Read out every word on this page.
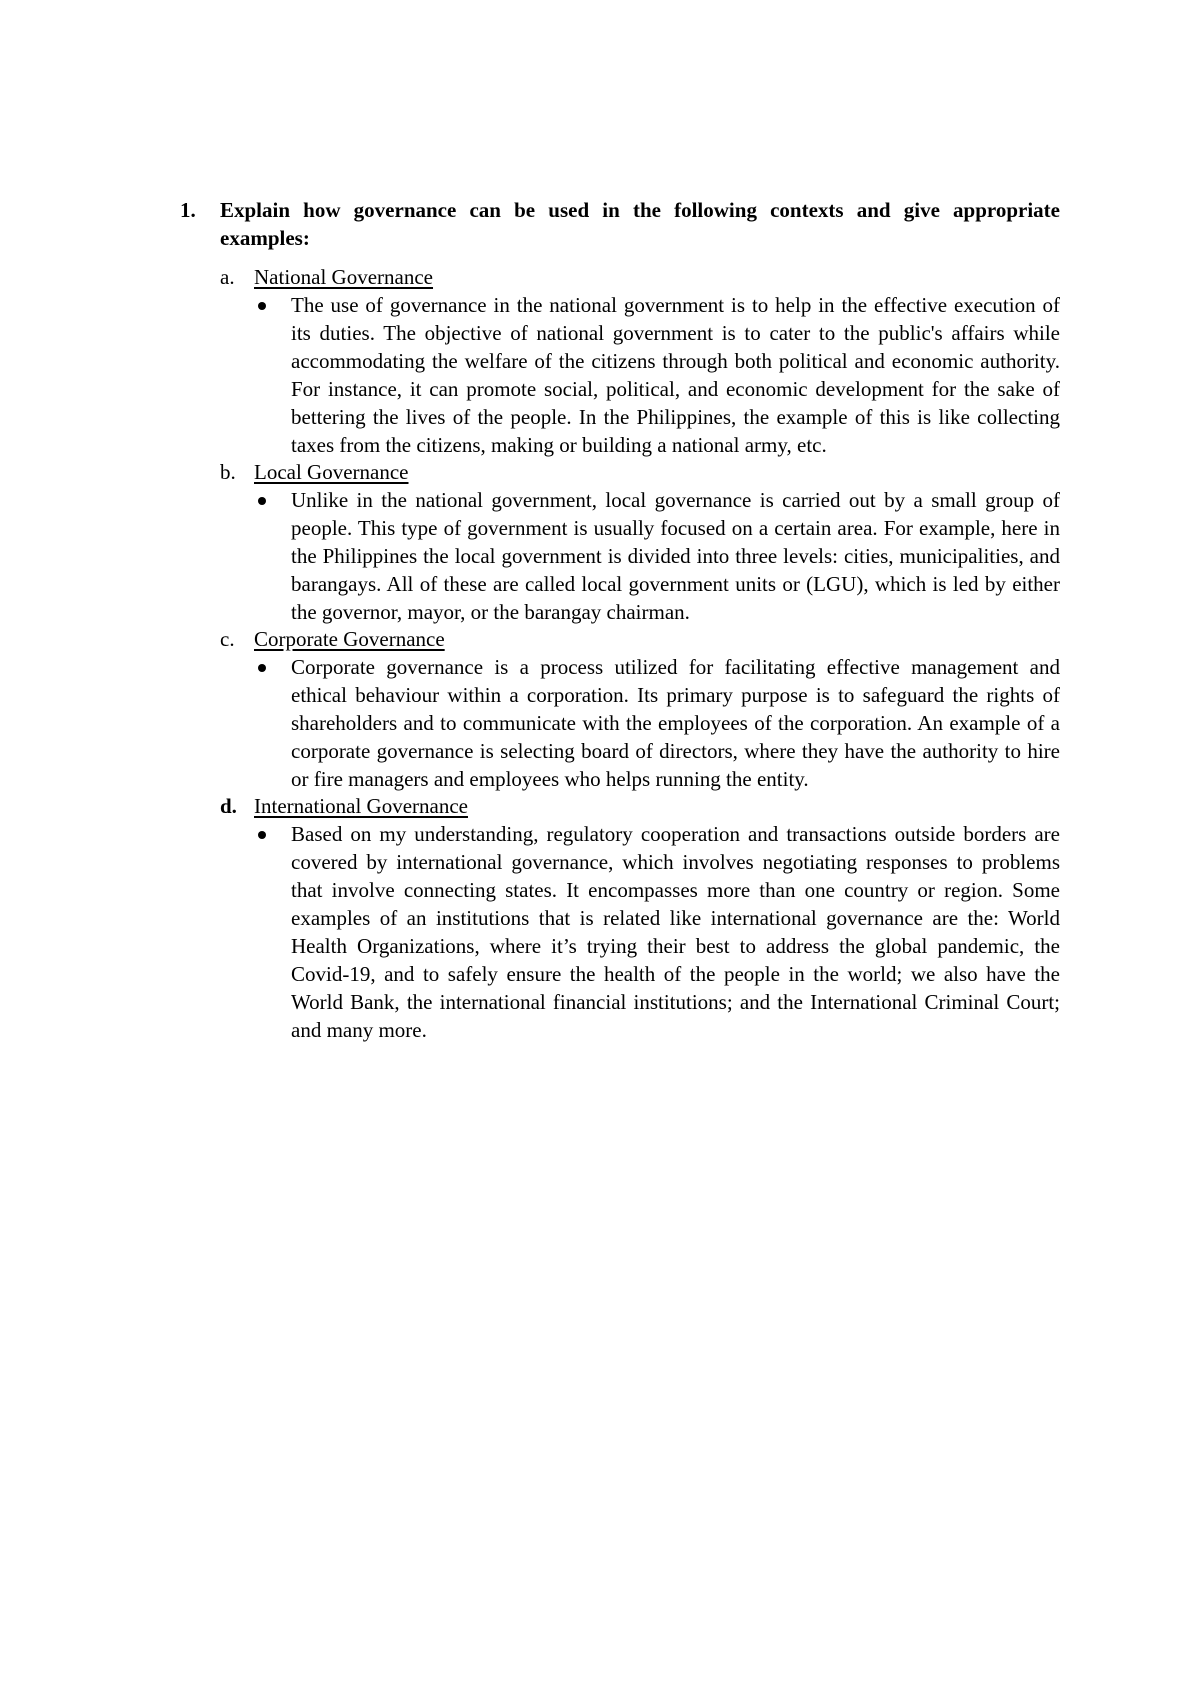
1. Explain how governance can be used in the following contexts and give appropriate examples:
a. National Governance
The use of governance in the national government is to help in the effective execution of its duties. The objective of national government is to cater to the public's affairs while accommodating the welfare of the citizens through both political and economic authority. For instance, it can promote social, political, and economic development for the sake of bettering the lives of the people. In the Philippines, the example of this is like collecting taxes from the citizens, making or building a national army, etc.
b. Local Governance
Unlike in the national government, local governance is carried out by a small group of people. This type of government is usually focused on a certain area. For example, here in the Philippines the local government is divided into three levels: cities, municipalities, and barangays. All of these are called local government units or (LGU), which is led by either the governor, mayor, or the barangay chairman.
c. Corporate Governance
Corporate governance is a process utilized for facilitating effective management and ethical behaviour within a corporation. Its primary purpose is to safeguard the rights of shareholders and to communicate with the employees of the corporation. An example of a corporate governance is selecting board of directors, where they have the authority to hire or fire managers and employees who helps running the entity.
d. International Governance
Based on my understanding, regulatory cooperation and transactions outside borders are covered by international governance, which involves negotiating responses to problems that involve connecting states. It encompasses more than one country or region. Some examples of an institutions that is related like international governance are the: World Health Organizations, where it’s trying their best to address the global pandemic, the Covid-19, and to safely ensure the health of the people in the world; we also have the World Bank, the international financial institutions; and the International Criminal Court; and many more.
